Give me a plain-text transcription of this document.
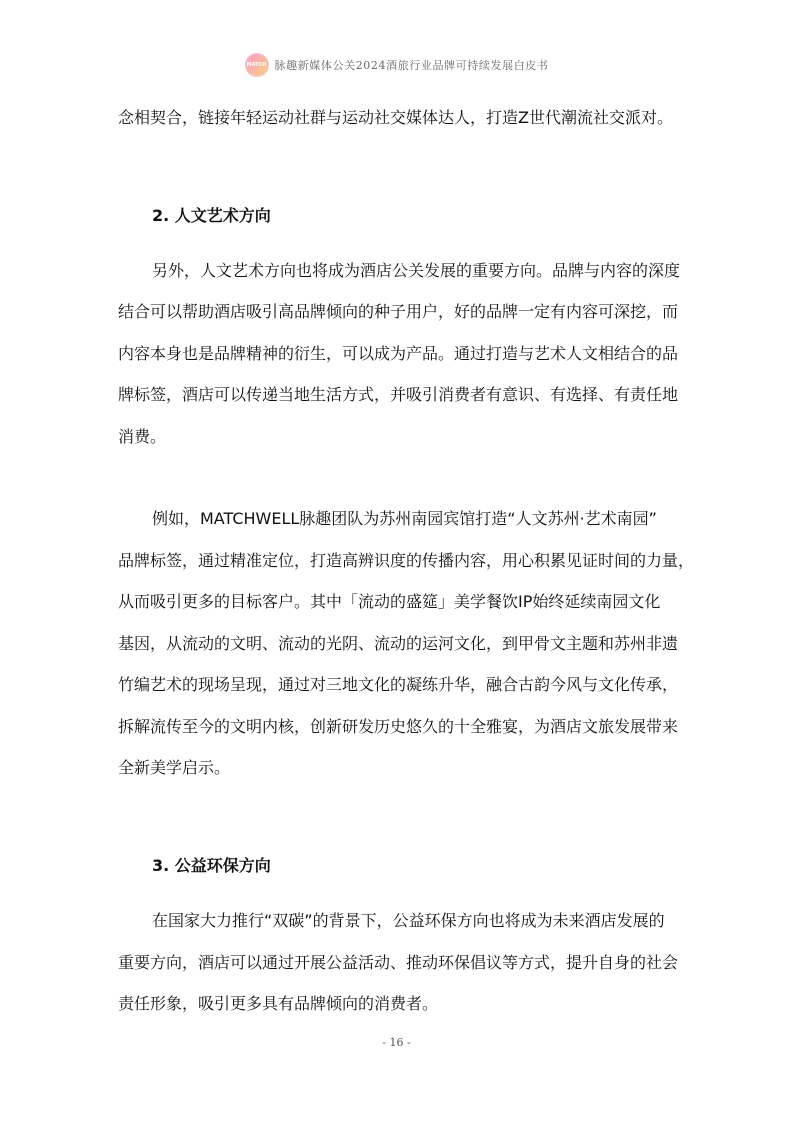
MATCH 脉趣新媒体公关2024酒旅行业品牌可持续发展白皮书
念相契合，链接年轻运动社群与运动社交媒体达人，打造Z世代潮流社交派对。
2. 人文艺术方向
另外，人文艺术方向也将成为酒店公关发展的重要方向。品牌与内容的深度
结合可以帮助酒店吸引高品牌倾向的种子用户，好的品牌一定有内容可深挖，而
内容本身也是品牌精神的衍生，可以成为产品。通过打造与艺术人文相结合的品
牌标签，酒店可以传递当地生活方式，并吸引消费者有意识、有选择、有责任地
消费。
例如，MATCHWELL脉趣团队为苏州南园宾馆打造“人文苏州·艺术南园”
品牌标签，通过精准定位，打造高辨识度的传播内容，用心积累见证时间的力量，
从而吸引更多的目标客户。其中「流动的盛筵」美学餐饮IP始终延续南园文化
基因，从流动的文明、流动的光阴、流动的运河文化，到甲骨文主题和苏州非遗
竹编艺术的现场呈现，通过对三地文化的凝练升华，融合古韵今风与文化传承，
拆解流传至今的文明内核，创新研发历史悠久的十全雅宴，为酒店文旅发展带来
全新美学启示。
3. 公益环保方向
在国家大力推行“双碳”的背景下，公益环保方向也将成为未来酒店发展的
重要方向，酒店可以通过开展公益活动、推动环保倡议等方式，提升自身的社会
责任形象，吸引更多具有品牌倾向的消费者。
- 16 -
